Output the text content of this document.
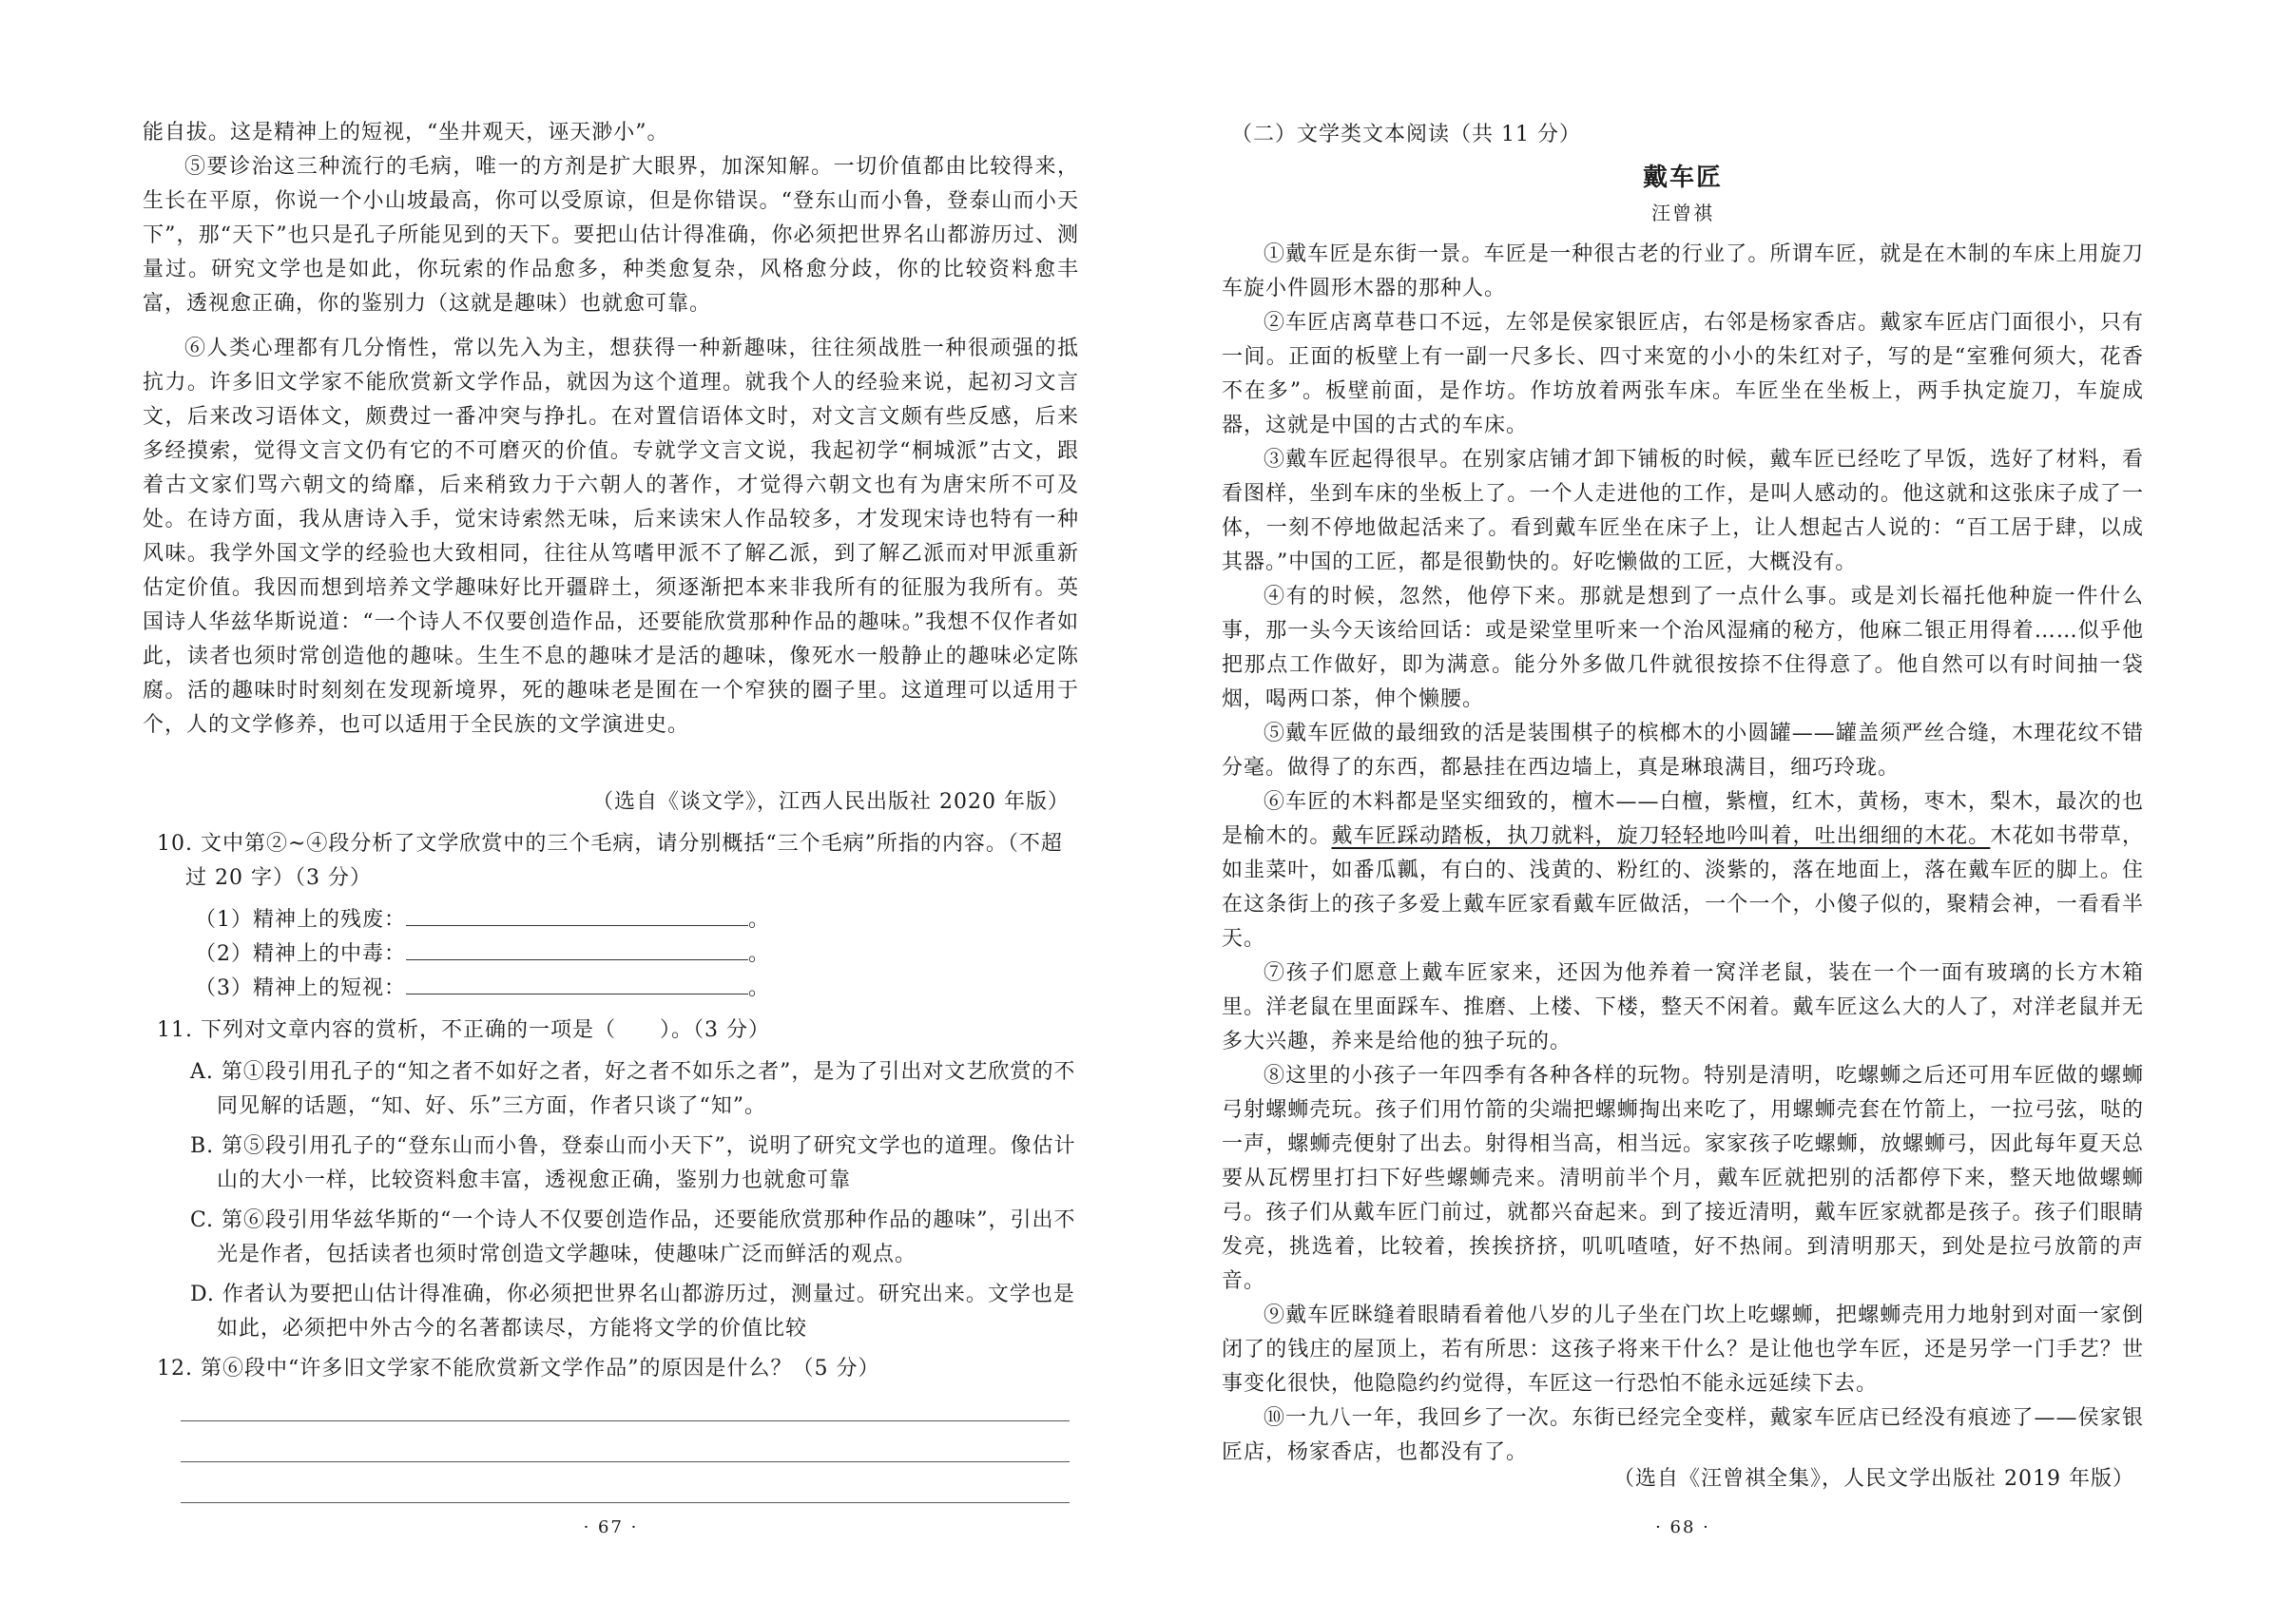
能自拔。这是精神上的短视，“坐井观天，诬天渺小”。
⑤要诊治这三种流行的毛病，唯一的方剂是扩大眼界，加深知解。一切价值都由比较得来，生长在平原，你说一个小山坡最高，你可以受原谅，但是你错误。“登东山而小鲁，登泰山而小天下”，那“天下”也只是孔子所能见到的天下。要把山估计得准确，你必须把世界名山都游历过、测量过。研究文学也是如此，你玩索的作品愈多，种类愈复杂，风格愈分歧，你的比较资料愈丰富，透视愈正确，你的鉴别力（这就是趣味）也就愈可靠。
⑥人类心理都有几分惰性，常以先入为主，想获得一种新趣味，往往须战胜一种很顽强的抵抗力。许多旧文学家不能欣赏新文学作品，就因为这个道理。就我个人的经验来说，起初习文言文，后来改习语体文，颇费过一番冲突与挣扎。在对置信语体文时，对文言文颇有些反感，后来多经摸索，觉得文言文仍有它的不可磨灭的价值。专就学文言文说，我起初学“桐城派”古文，跟着古文家们骂六朝文的绮靡，后来稍致力于六朝人的著作，才觉得六朝文也有为唐宋所不可及处。在诗方面，我从唐诗入手，觉宋诗索然无味，后来读宋人作品较多，才发现宋诗也特有一种风味。我学外国文学的经验也大致相同，往往从笃嗜甲派不了解乙派，到了解乙派而对甲派重新估定价值。我因而想到培养文学趣味好比开疆辟土，须逐渐把本来非我所有的征服为我所有。英国诗人华兹华斯说道：“一个诗人不仅要创造作品，还要能欣赏那种作品的趣味。”我想不仅作者如此，读者也须时常创造他的趣味。生生不息的趣味才是活的趣味，像死水一般静止的趣味必定陈腐。活的趣味时时刻刻在发现新境界，死的趣味老是囿在一个窄狭的圈子里。这道理可以适用于个，人的文学修养，也可以适用于全民族的文学演进史。
（选自《谈文学》，江西人民出版社 2020 年版）
10. 文中第②~④段分析了文学欣赏中的三个毛病，请分别概括“三个毛病”所指的内容。（不超过 20 字）（3 分）
（1）精神上的残废：	。
（2）精神上的中毒：	。
（3）精神上的短视：	。
11. 下列对文章内容的赏析，不正确的一项是（　　）。（3 分）
A. 第①段引用孔子的“知之者不如好之者，好之者不如乐之者”，是为了引出对文艺欣赏的不同见解的话题，“知、好、乐”三方面，作者只谈了“知”。
B. 第⑤段引用孔子的“登东山而小鲁，登泰山而小天下”，说明了研究文学也的道理。像估计山的大小一样，比较资料愈丰富，透视愈正确，鉴别力也就愈可靠
C. 第⑥段引用华兹华斯的“一个诗人不仅要创造作品，还要能欣赏那种作品的趣味”，引出不光是作者，包括读者也须时常创造文学趣味，使趣味广泛而鲜活的观点。
D. 作者认为要把山估计得准确，你必须把世界名山都游历过，测量过。研究出来。文学也是如此，必须把中外古今的名著都读尽，方能将文学的价值比较
12. 第⑥段中“许多旧文学家不能欣赏新文学作品”的原因是什么？（5 分）
· 67 ·
（二）文学类文本阅读（共 11 分）
戴车匠
汪曾祺
①戴车匠是东街一景。车匠是一种很古老的行业了。所谓车匠，就是在木制的车床上用旋刀车旋小件圆形木器的那种人。
②车匠店离草巷口不远，左邻是侯家银匠店，右邻是杨家香店。戴家车匠店门面很小，只有一间。正面的板壁上有一副一尺多长、四寸来宽的小小的朱红对子，写的是“室雅何须大，花香不在多”。板壁前面，是作坊。作坊放着两张车床。车匠坐在坐板上，两手执定旋刀，车旋成器，这就是中国的古式的车床。
③戴车匠起得很早。在别家店铺才卸下铺板的时候，戴车匠已经吃了早饭，选好了材料，看看图样，坐到车床的坐板上了。一个人走进他的工作，是叫人感动的。他这就和这张床子成了一体，一刻不停地做起活来了。看到戴车匠坐在床子上，让人想起古人说的：“百工居于肆，以成其器。”中国的工匠，都是很勤快的。好吃懒做的工匠，大概没有。
④有的时候，忽然，他停下来。那就是想到了一点什么事。或是刘长福托他种旋一件什么事，那一头今天该给回话：或是梁堂里听来一个治风湿痛的秘方，他麻二银正用得着……似乎他把那点工作做好，即为满意。能分外多做几件就很按捺不住得意了。他自然可以有时间抽一袋烟，喝两口茶，伸个懒腰。
⑤戴车匠做的最细致的活是装围棋子的槟榔木的小圆罐——罐盖须严丝合缝，木理花纹不错分毫。做得了的东西，都悬挂在西边墙上，真是琳琅满目，细巧玲珑。
⑥车匠的木料都是坚实细致的，檀木——白檀，紫檀，红木，黄杨，枣木，梨木，最次的也是榆木的。戴车匠踩动踏板，执刀就料，旋刀轻轻地吟叫着，吐出细细的木花。木花如书带草，如韭菜叶，如番瓜瓤，有白的、浅黄的、粉红的、淡紫的，落在地面上，落在戴车匠的脚上。住在这条街上的孩子多爱上戴车匠家看戴车匠做活，一个一个，小傻子似的，聚精会神，一看看半天。
⑦孩子们愿意上戴车匠家来，还因为他养着一窝洋老鼠，装在一个一面有玻璃的长方木箱里。洋老鼠在里面踩车、推磨、上楼、下楼，整天不闲着。戴车匠这么大的人了，对洋老鼠并无多大兴趣，养来是给他的独子玩的。
⑧这里的小孩子一年四季有各种各样的玩物。特别是清明，吃螺蛳之后还可用车匠做的螺蛳弓射螺蛳壳玩。孩子们用竹箭的尖端把螺蛳掏出来吃了，用螺蛳壳套在竹箭上，一拉弓弦，哒的一声，螺蛳壳便射了出去。射得相当高，相当远。家家孩子吃螺蛳，放螺蛳弓，因此每年夏天总要从瓦楞里打扫下好些螺蛳壳来。清明前半个月，戴车匠就把别的活都停下来，整天地做螺蛳弓。孩子们从戴车匠门前过，就都兴奋起来。到了接近清明，戴车匠家就都是孩子。孩子们眼睛发亮，挑选着，比较着，挨挨挤挤，叽叽喳喳，好不热闹。到清明那天，到处是拉弓放箭的声音。
⑨戴车匠眯缝着眼睛看着他八岁的儿子坐在门坎上吃螺蛳，把螺蛳壳用力地射到对面一家倒闭了的钱庄的屋顶上，若有所思：这孩子将来干什么？是让他也学车匠，还是另学一门手艺？世事变化很快，他隐隐约约觉得，车匠这一行恐怕不能永远延续下去。
⑩一九八一年，我回乡了一次。东街已经完全变样，戴家车匠店已经没有痕迹了——侯家银匠店，杨家香店，也都没有了。
（选自《汪曾祺全集》，人民文学出版社 2019 年版）
· 68 ·
